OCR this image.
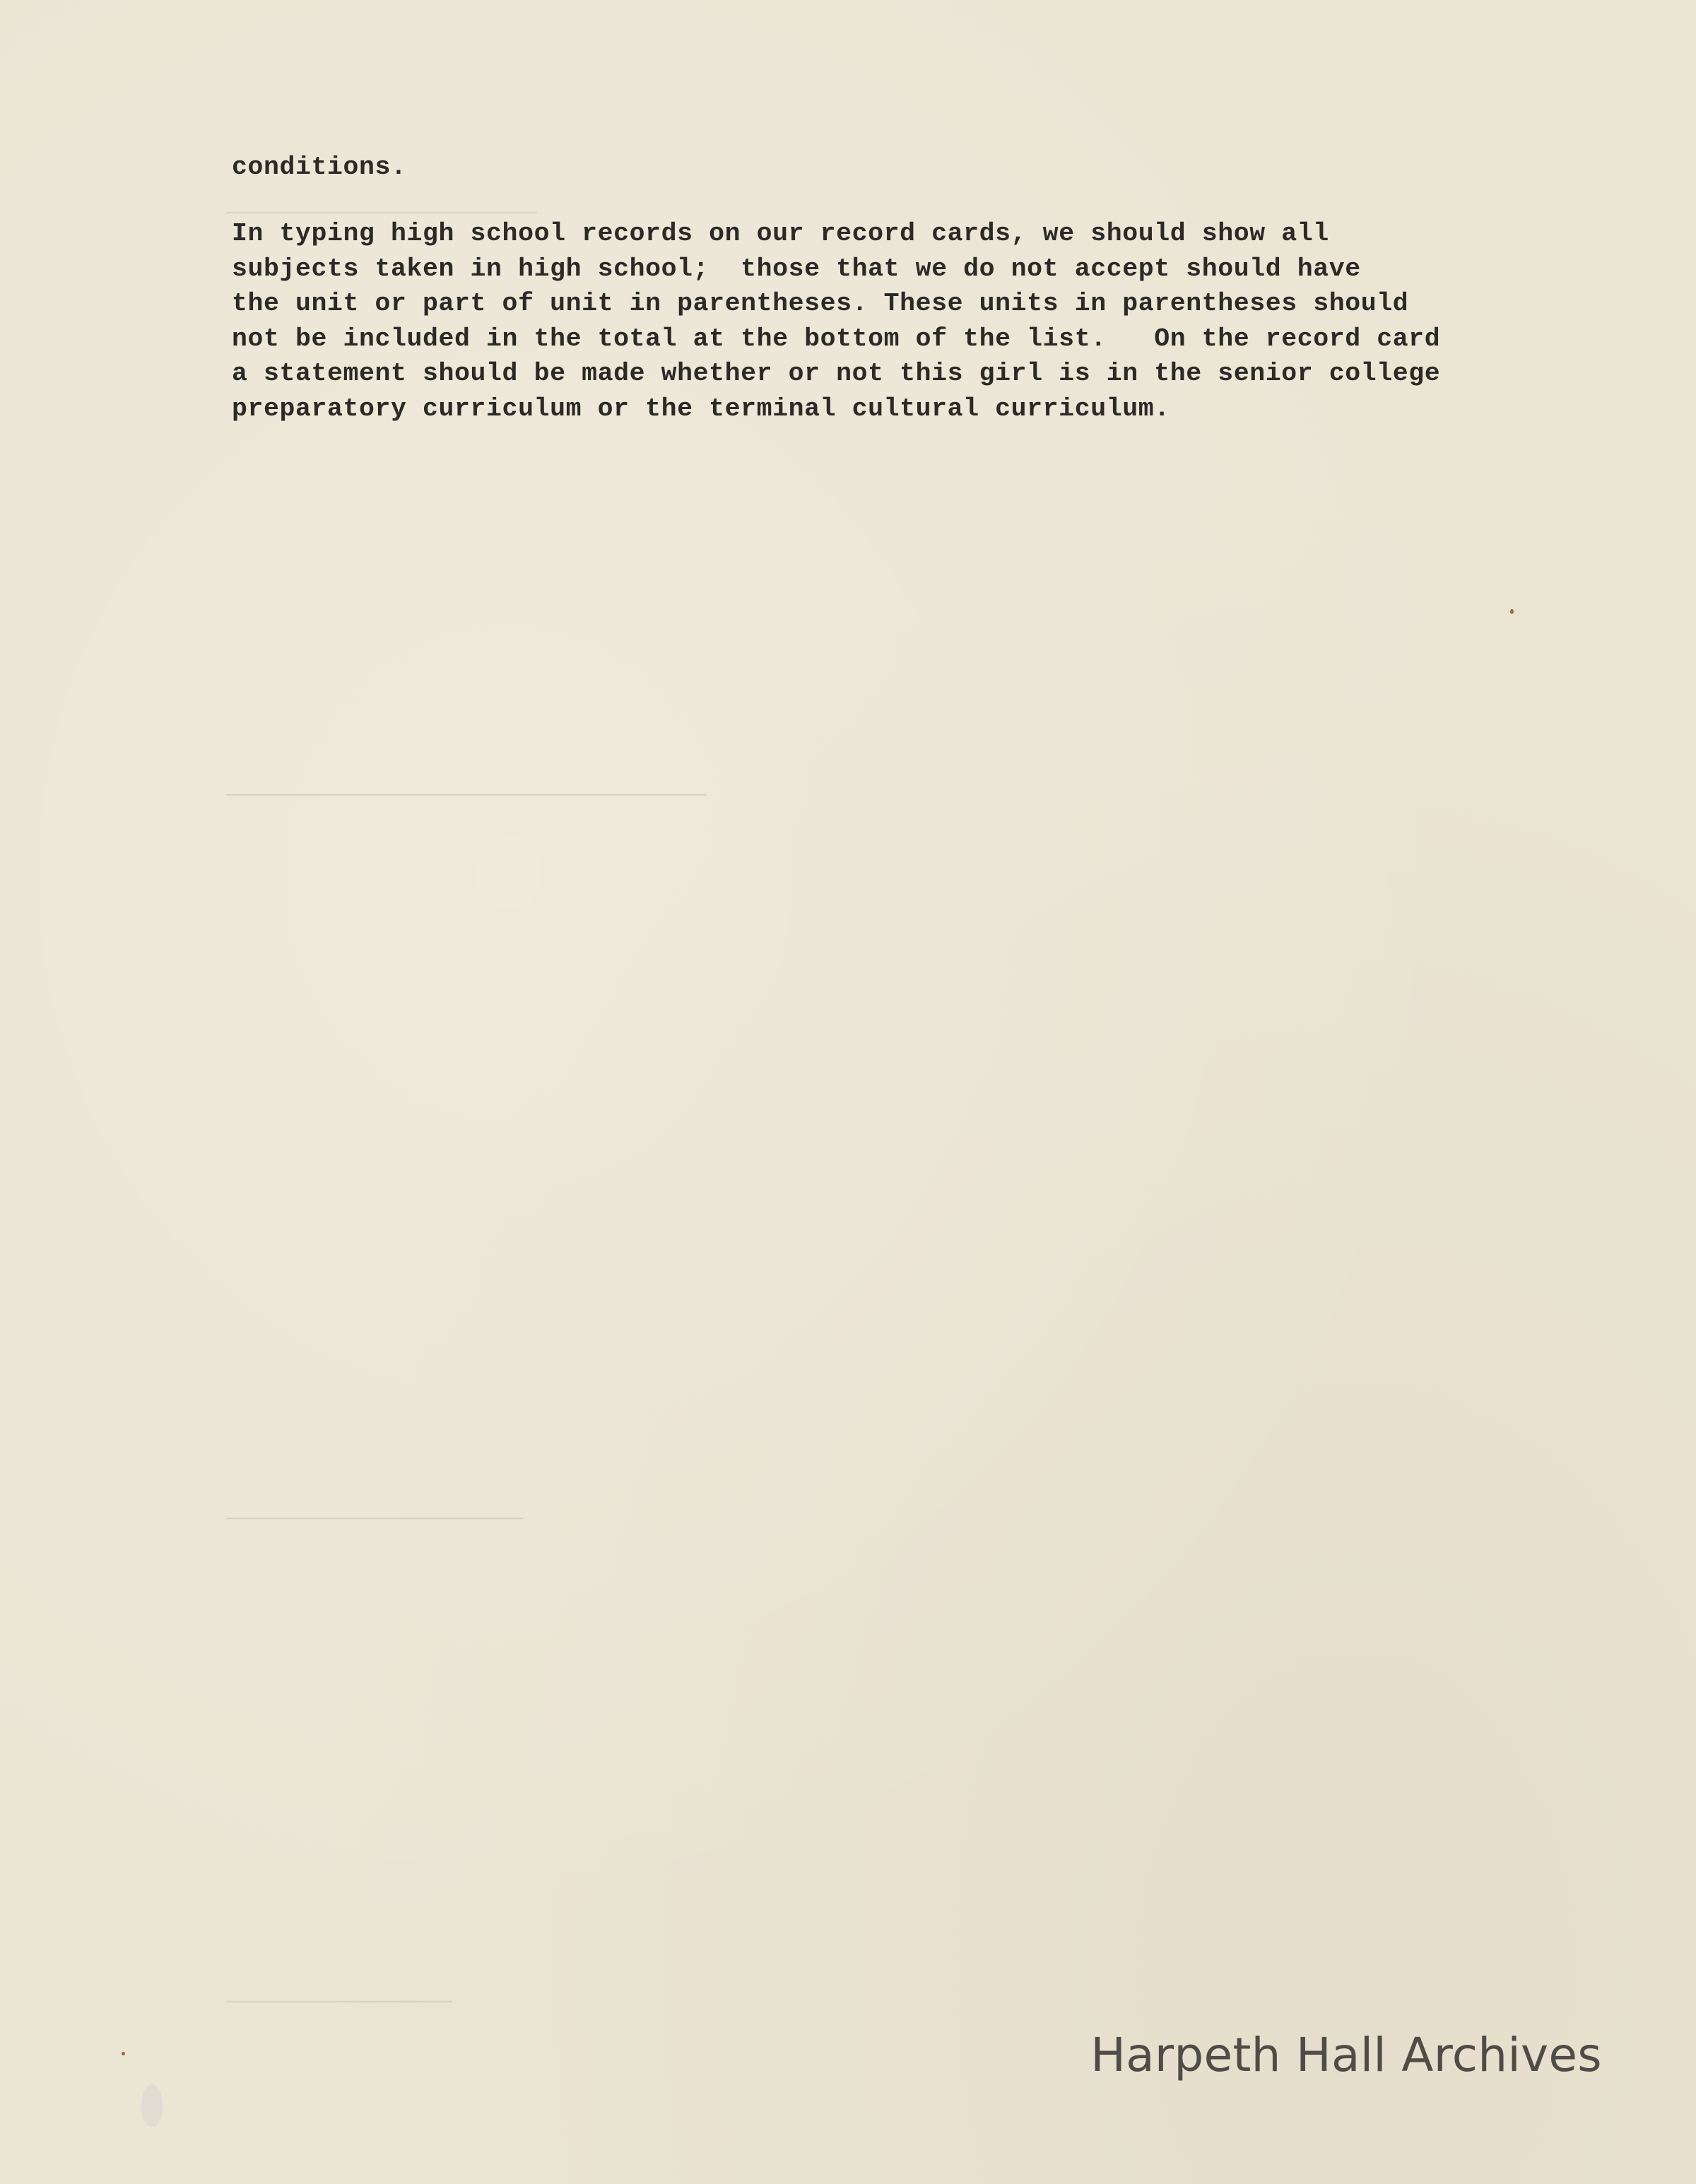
conditions.
In typing high school records on our record cards, we should show all
subjects taken in high school;  those that we do not accept should have
the unit or part of unit in parentheses. These units in parentheses should
not be included in the total at the bottom of the list.   On the record card
a statement should be made whether or not this girl is in the senior college
preparatory curriculum or the terminal cultural curriculum.
Harpeth Hall Archives
